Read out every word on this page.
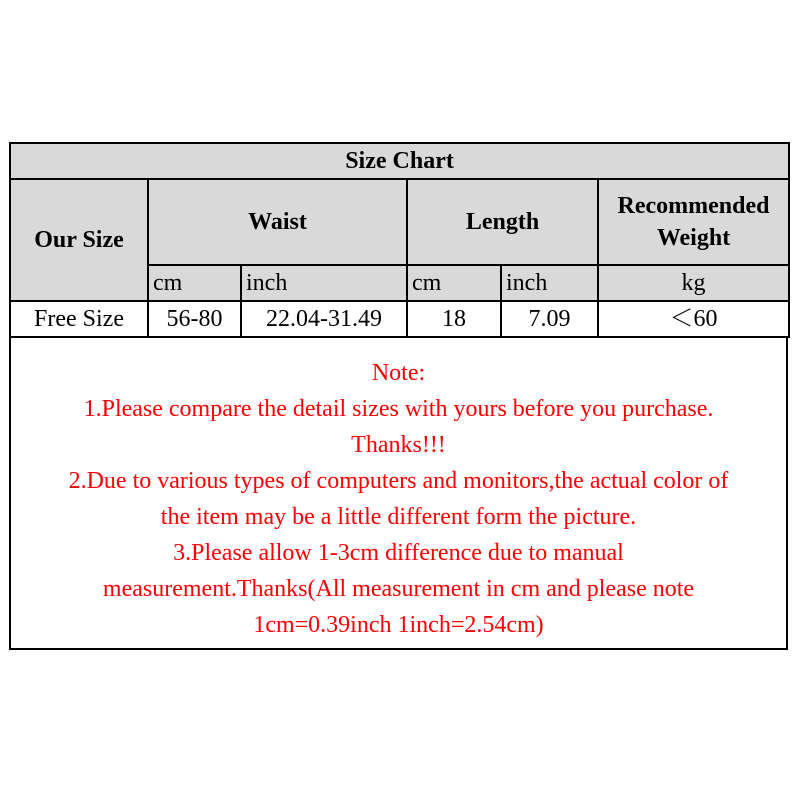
Size Chart					
Our Size	Waist		Length		Recommended
Weight

	cm	inch	cm	inch	kg
Free Size	56-80	22.04-31.49	18	7.09	＜60
Note:
1.Please compare the detail sizes with yours before you purchase.
Thanks!!!
2.Due to various types of computers and monitors,the actual color of
the item may be a little different form the picture.
3.Please allow 1-3cm difference due to manual
measurement.Thanks(All measurement in cm and please note
1cm=0.39inch 1inch=2.54cm)
